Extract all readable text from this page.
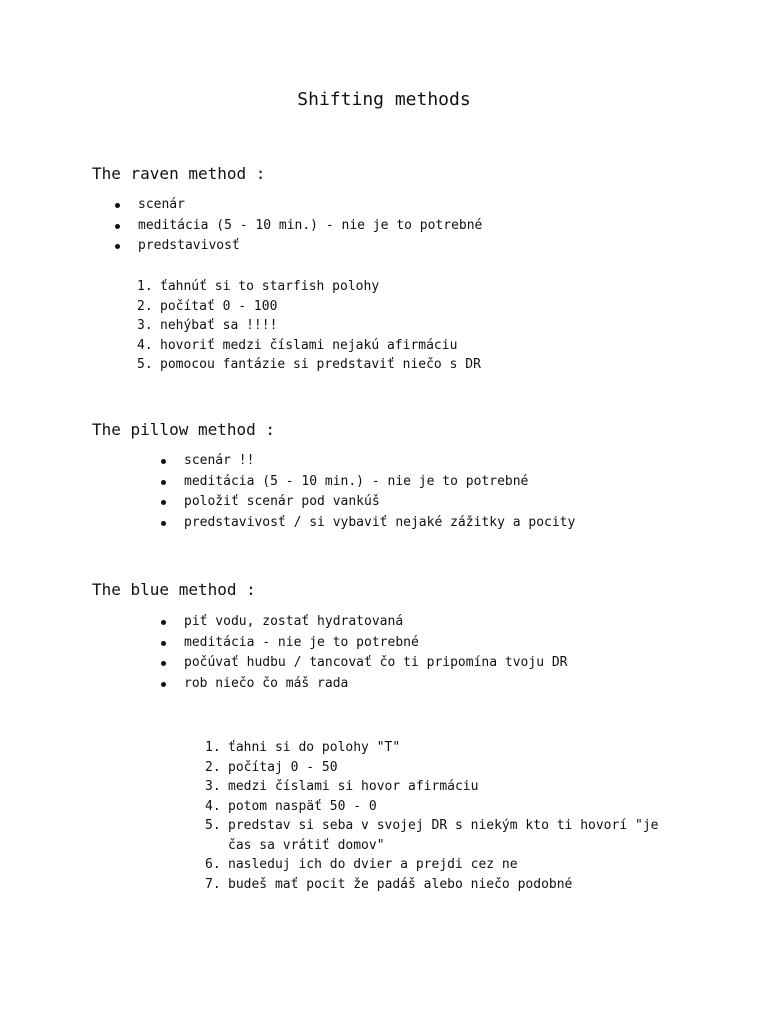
Shifting methods
The raven method :
scenár
meditácia (5 - 10 min.) - nie je to potrebné
predstavivosť
1. ťahnúť si to starfish polohy
2. počítať 0 - 100
3. nehýbať sa !!!!
4. hovoriť medzi číslami nejakú afirmáciu
5. pomocou fantázie si predstaviť niečo s DR
The pillow method :
scenár !!
meditácia (5 - 10 min.) - nie je to potrebné
položiť scenár pod vankúš
predstavivosť / si vybaviť nejaké zážitky a pocity
The blue method :
piť vodu, zostať hydratovaná
meditácia - nie je to potrebné
počúvať hudbu / tancovať čo ti pripomína tvoju DR
rob niečo čo máš rada
1. ťahni si do polohy "T"
2. počítaj 0 - 50
3. medzi číslami si hovor afirmáciu
4. potom naspäť 50 - 0
5. predstav si seba v svojej DR s niekým kto ti hovorí "je
čas sa vrátiť domov"
6. nasleduj ich do dvier a prejdi cez ne
7. budeš mať pocit že padáš alebo niečo podobné
